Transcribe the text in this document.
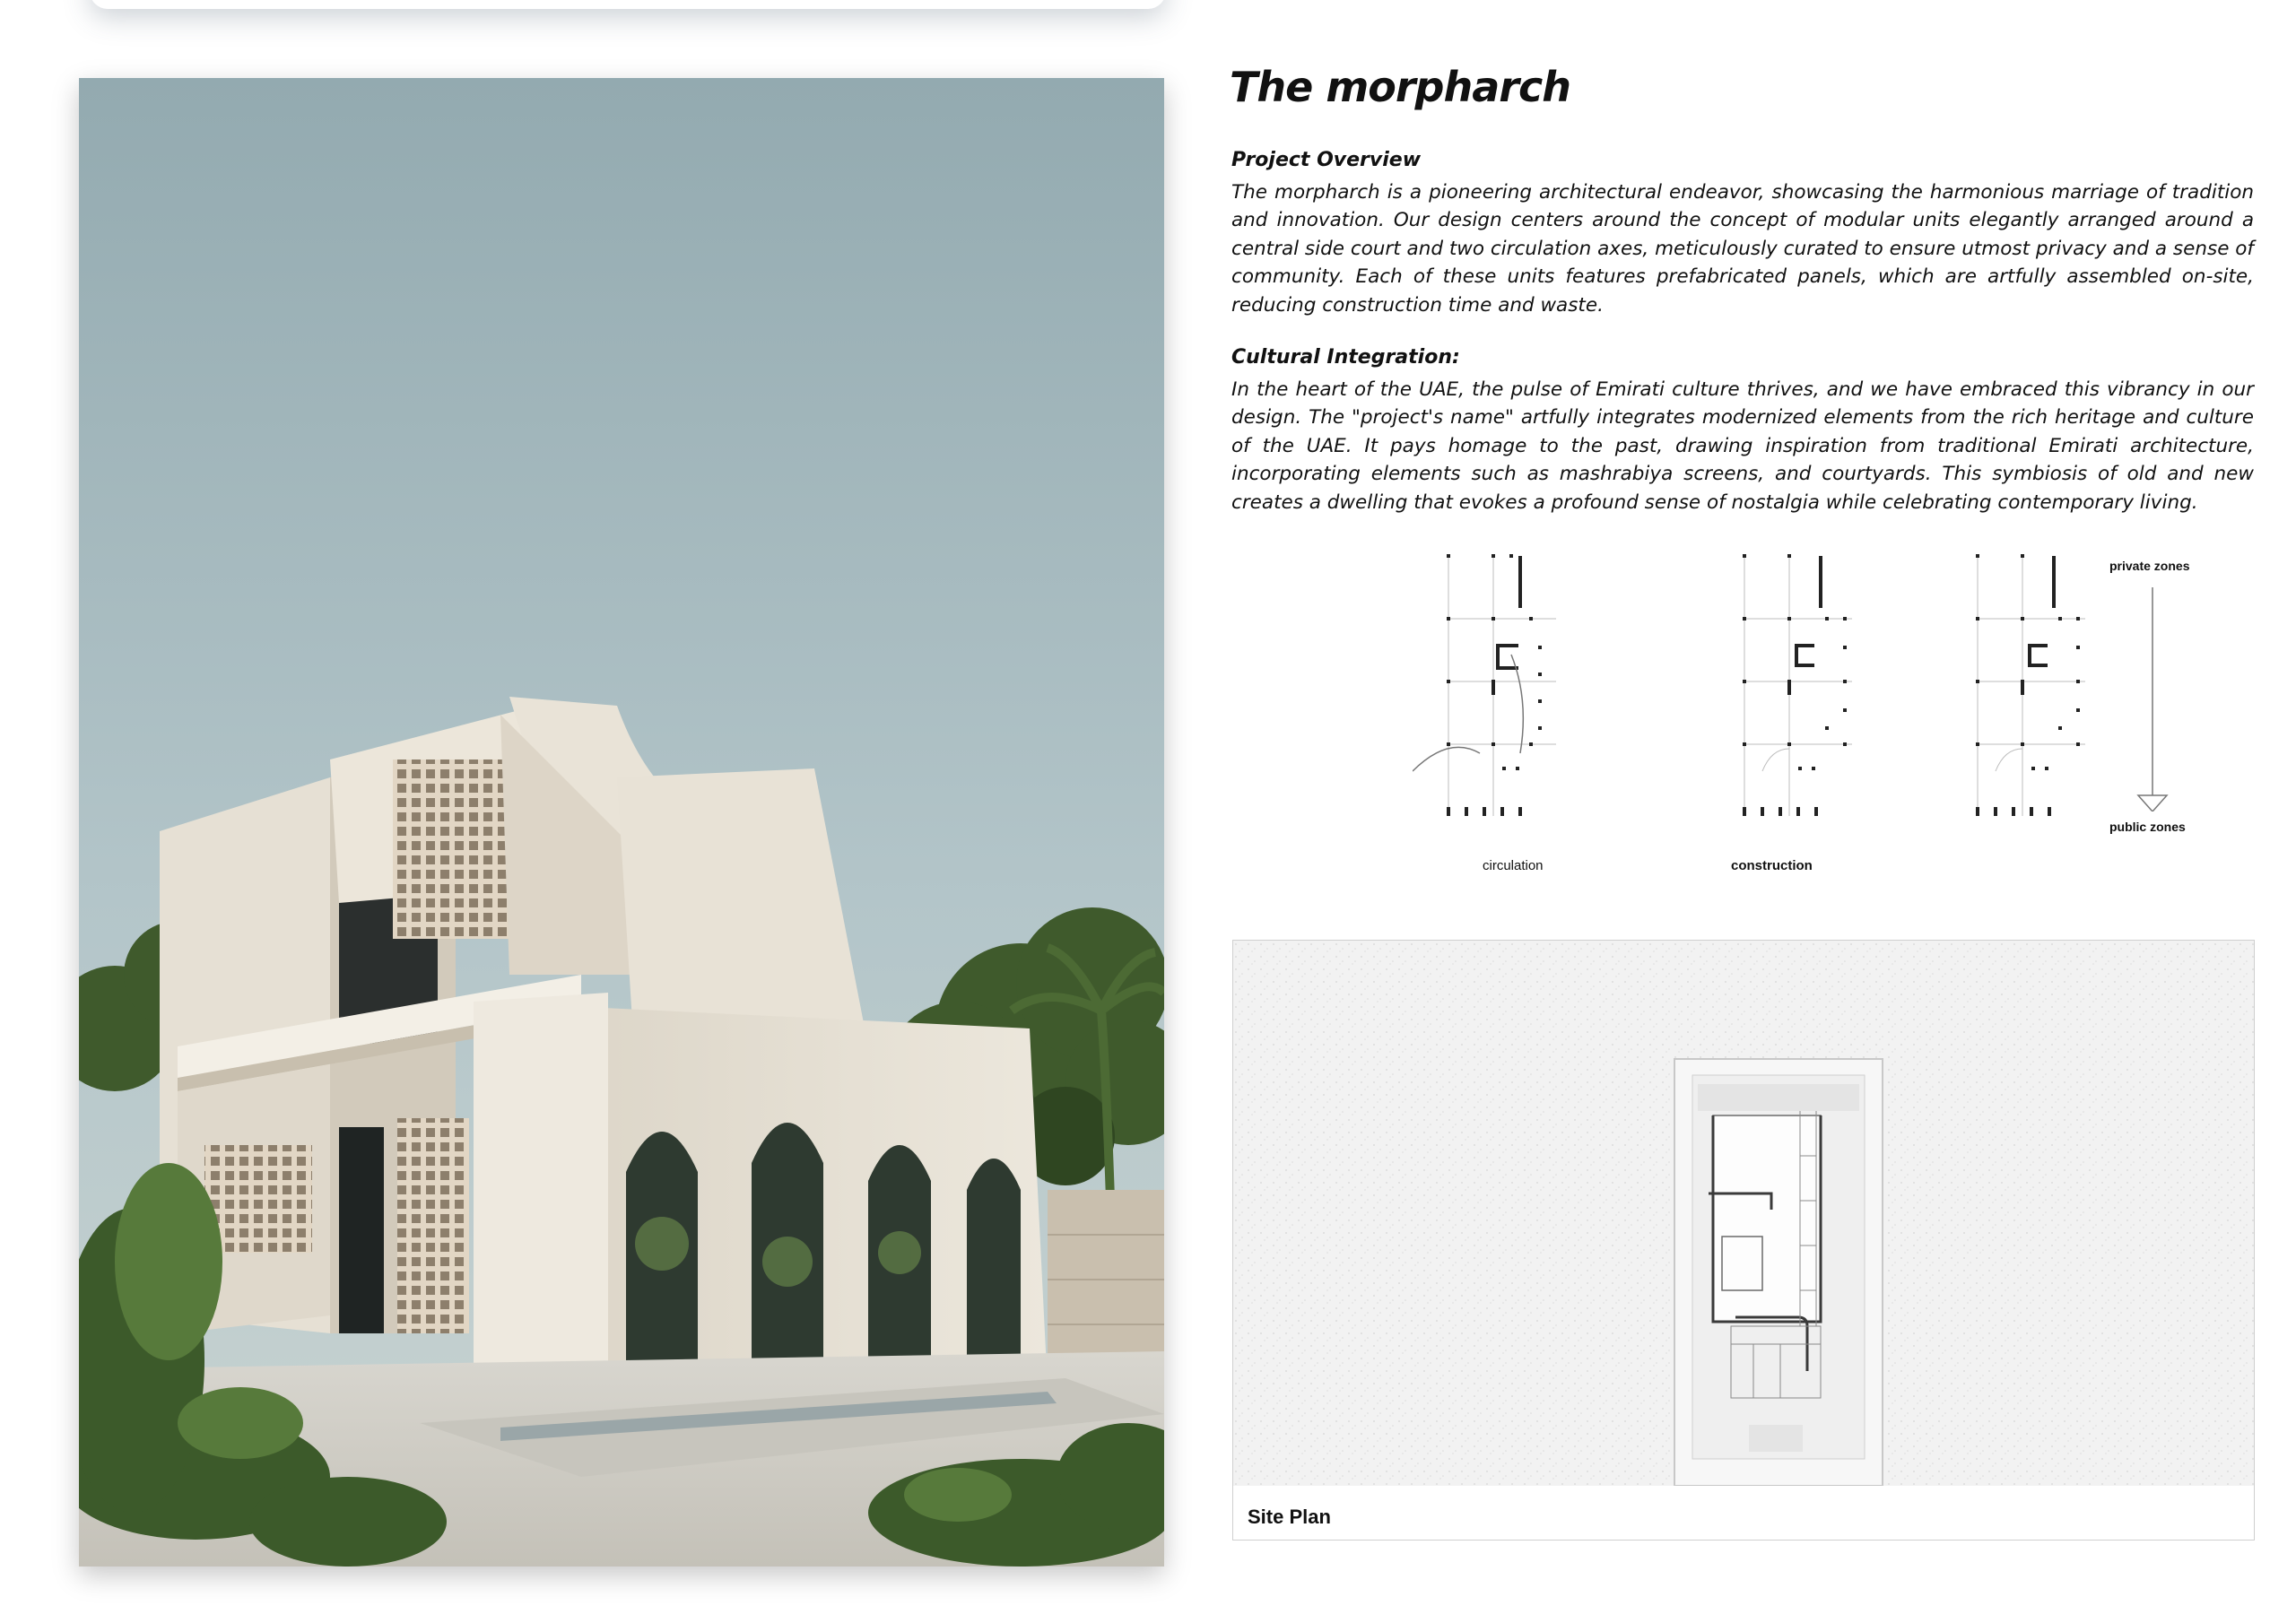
The morpharch
Project Overview

The morpharch is a pioneering architectural endeavor, showcasing the harmonious marriage of tradition and innovation. Our design centers around the concept of modular units elegantly arranged around a central side court and two circulation axes, meticulously curated to ensure utmost privacy and a sense of community. Each of these units features prefabricated panels, which are artfully assembled on-site, reducing construction time and waste.

Cultural Integration:

In the heart of the UAE, the pulse of Emirati culture thrives, and we have embraced this vibrancy in our design. The "project's name" artfully integrates modernized elements from the rich heritage and culture of the UAE. It pays homage to the past, drawing inspiration from traditional Emirati architecture, incorporating elements such as mashrabiya screens, and courtyards. This symbiosis of old and new creates a dwelling that evokes a profound sense of nostalgia while celebrating contemporary living.

circulation	construction
private zones
public zones
Site Plan
